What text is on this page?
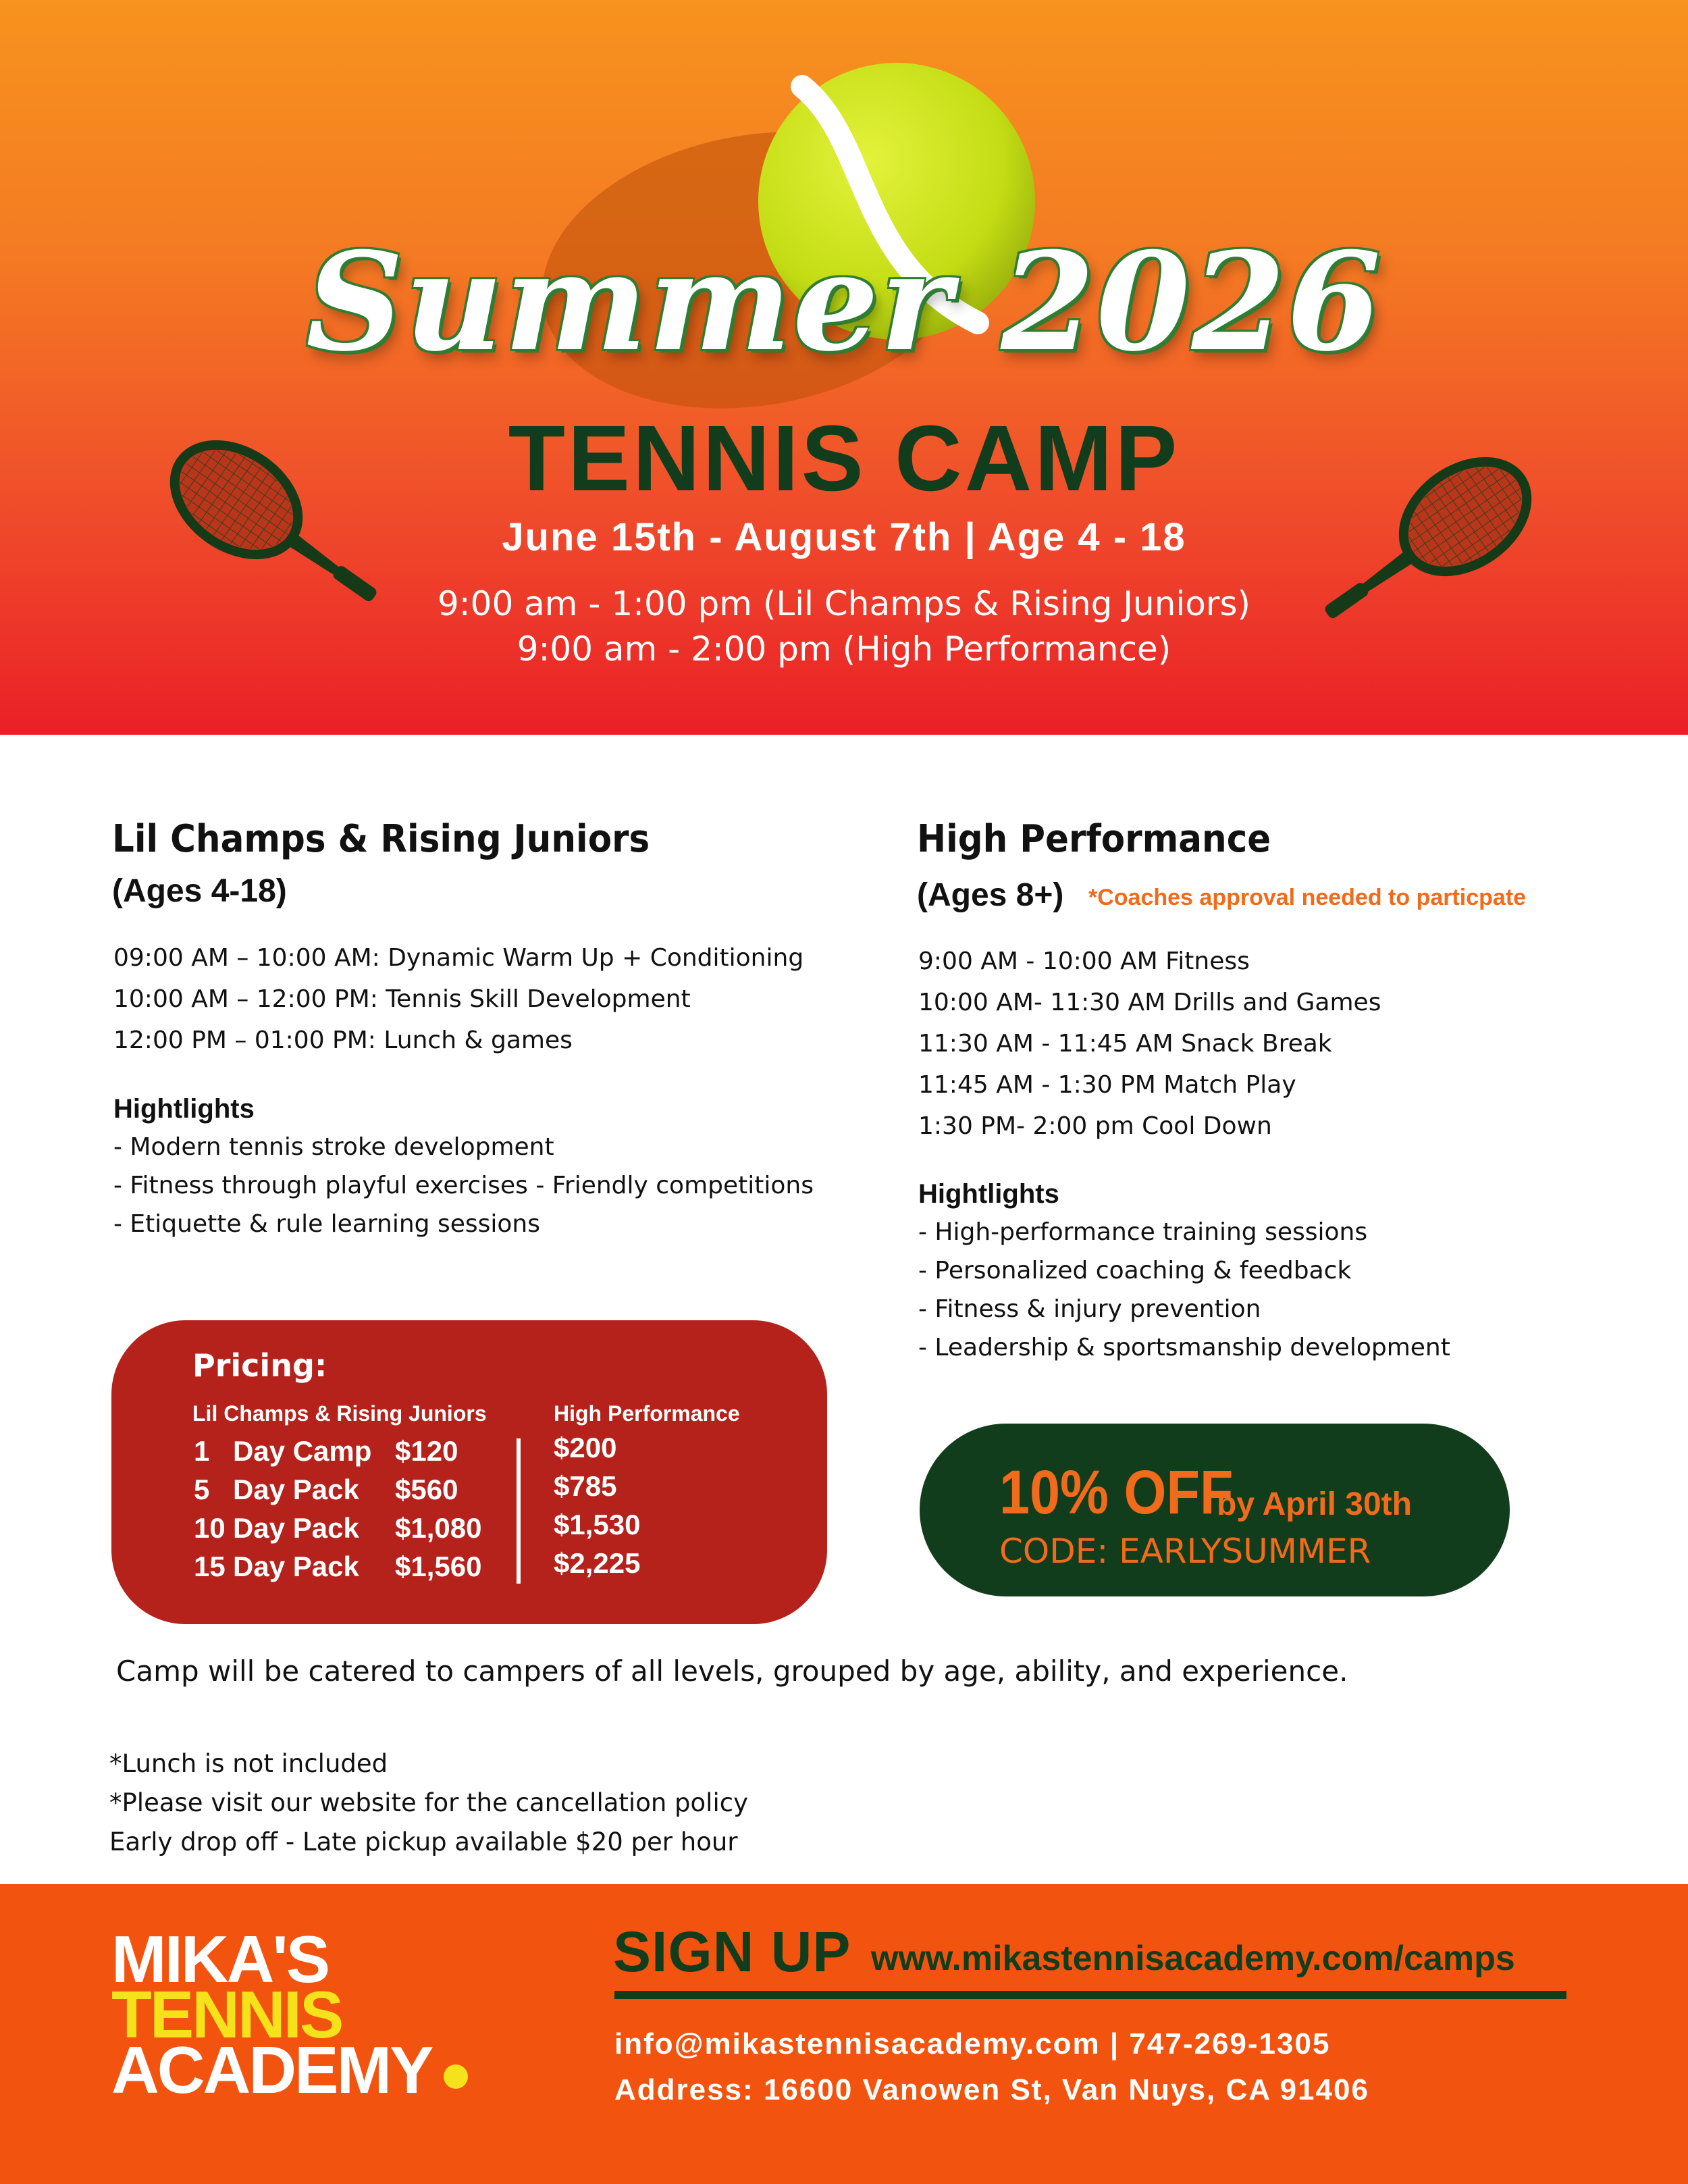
Summer 2026
TENNIS CAMP
June 15th - August 7th | Age 4 - 18
9:00 am - 1:00 pm (Lil Champs & Rising Juniors)
9:00 am - 2:00 pm (High Performance)
Lil Champs & Rising Juniors
(Ages 4-18)
09:00 AM – 10:00 AM: Dynamic Warm Up + Conditioning
10:00 AM – 12:00 PM: Tennis Skill Development
12:00 PM – 01:00 PM: Lunch & games
Hightlights
- Modern tennis stroke development
- Fitness through playful exercises - Friendly competitions
- Etiquette & rule learning sessions
High Performance
(Ages 8+) *Coaches approval needed to particpate
9:00 AM - 10:00 AM Fitness
10:00 AM- 11:30 AM Drills and Games
11:30 AM - 11:45 AM Snack Break
11:45 AM - 1:30 PM Match Play
1:30 PM- 2:00 pm Cool Down
Hightlights
- High-performance training sessions
- Personalized coaching & feedback
- Fitness & injury prevention
- Leadership & sportsmanship development
Pricing:
Lil Champs & Rising Juniors	High Performance
1 Day Camp $120	$200
5 Day Pack $560	$785
10 Day Pack $1,080	$1,530
15 Day Pack $1,560	$2,225
10% OFF
by April 30th
CODE: EARLYSUMMER
Camp will be catered to campers of all levels, grouped by age, ability, and experience.
*Lunch is not included
*Please visit our website for the cancellation policy
Early drop off - Late pickup available $20 per hour
MIKA'S
TENNIS
ACADEMY
SIGN UP www.mikastennisacademy.com/camps
info@mikastennisacademy.com | 747-269-1305
Address: 16600 Vanowen St, Van Nuys, CA 91406
